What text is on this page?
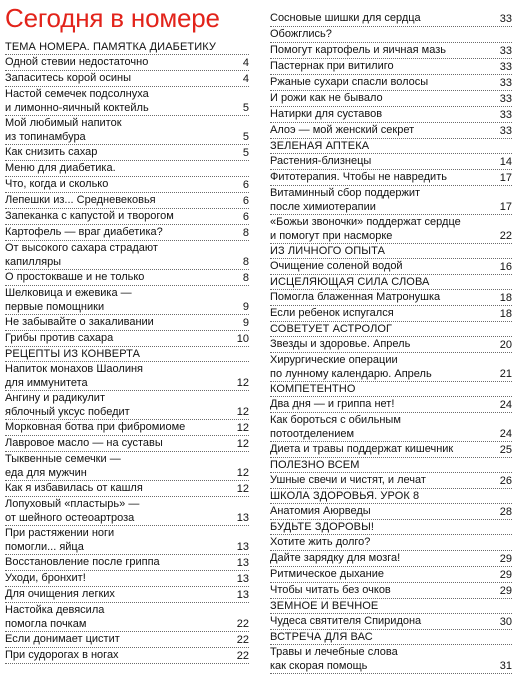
Сегодня в номере
ТЕМА НОМЕРА. ПАМЯТКА ДИАБЕТИКУ
Одной стевии недостаточно	4
Запаситесь корой осины	4
Настой семечек подсолнуха
и лимонно-яичный коктейль	5
Мой любимый напиток
из топинамбура	5
Как снизить сахар	5
Меню для диабетика.
Что, когда и сколько	6
Лепешки из... Средневековья	6
Запеканка с капустой и творогом	6
Картофель — враг диабетика?	8
От высокого сахара страдают
капилляры	8
О простокваше и не только	8
Шелковица и ежевика —
первые помощники	9
Не забывайте о закаливании	9
Грибы против сахара	10
РЕЦЕПТЫ ИЗ КОНВЕРТА
Напиток монахов Шаолиня
для иммунитета	12
Ангину и радикулит
яблочный уксус победит	12
Морковная ботва при фибромиоме	12
Лавровое масло — на суставы	12
Тыквенные семечки —
еда для мужчин	12
Как я избавилась от кашля	12
Лопуховый «пластырь» —
от шейного остеоартроза	13
При растяжении ноги
помогли... яйца	13
Восстановление после гриппа	13
Уходи, бронхит!	13
Для очищения легких	13
Настойка девясила
помогла почкам	22
Если донимает цистит	22
При судорогах в ногах	22
Сосновые шишки для сердца	33
Обожглись?
Помогут картофель и яичная мазь	33
Пастернак при витилиго	33
Ржаные сухари спасли волосы	33
И рожи как не бывало	33
Натирки для суставов	33
Алоэ — мой женский секрет	33
ЗЕЛЕНАЯ АПТЕКА
Растения-близнецы	14
Фитотерапия. Чтобы не навредить	17
Витаминный сбор поддержит
после химиотерапии	17
«Божьи звоночки» поддержат сердце
и помогут при насморке	22
ИЗ ЛИЧНОГО ОПЫТА
Очищение соленой водой	16
ИСЦЕЛЯЮЩАЯ СИЛА СЛОВА
Помогла блаженная Матронушка	18
Если ребенок испугался	18
СОВЕТУЕТ АСТРОЛОГ
Звезды и здоровье. Апрель	20
Хирургические операции
по лунному календарю. Апрель	21
КОМПЕТЕНТНО
Два дня — и гриппа нет!	24
Как бороться с обильным
потоотделением	24
Диета и травы поддержат кишечник	25
ПОЛЕЗНО ВСЕМ
Ушные свечи и чистят, и лечат	26
ШКОЛА ЗДОРОВЬЯ. УРОК 8
Анатомия Аюрведы	28
БУДЬТЕ ЗДОРОВЫ!
Хотите жить долго?
Дайте зарядку для мозга!	29
Ритмическое дыхание	29
Чтобы читать без очков	29
ЗЕМНОЕ И ВЕЧНОЕ
Чудеса святителя Спиридона	30
ВСТРЕЧА ДЛЯ ВАС
Травы и лечебные слова
как скорая помощь	31
